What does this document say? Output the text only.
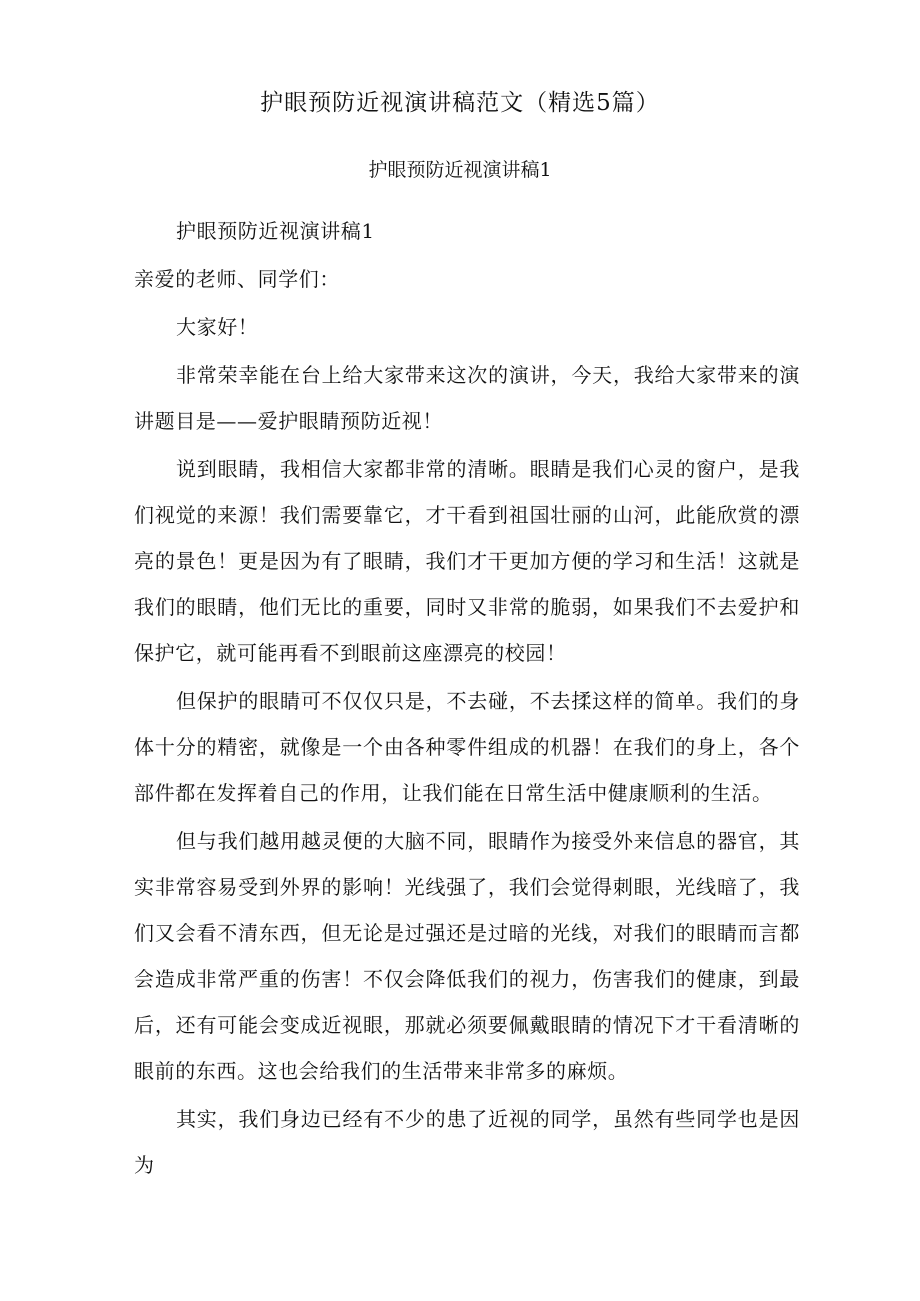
护眼预防近视演讲稿范文（精选5篇）
护眼预防近视演讲稿1

护眼预防近视演讲稿1

亲爱的老师、同学们：

大家好！

非常荣幸能在台上给大家带来这次的演讲，今天，我给大家带来的演讲题目是——爱护眼睛预防近视！

说到眼睛，我相信大家都非常的清晰。眼睛是我们心灵的窗户，是我们视觉的来源！我们需要靠它，才干看到祖国壮丽的山河，此能欣赏的漂亮的景色！更是因为有了眼睛，我们才干更加方便的学习和生活！这就是我们的眼睛，他们无比的重要，同时又非常的脆弱，如果我们不去爱护和保护它，就可能再看不到眼前这座漂亮的校园！

但保护的眼睛可不仅仅只是，不去碰，不去揉这样的简单。我们的身体十分的精密，就像是一个由各种零件组成的机器！在我们的身上，各个部件都在发挥着自己的作用，让我们能在日常生活中健康顺利的生活。

但与我们越用越灵便的大脑不同，眼睛作为接受外来信息的器官，其实非常容易受到外界的影响！光线强了，我们会觉得刺眼，光线暗了，我们又会看不清东西，但无论是过强还是过暗的光线，对我们的眼睛而言都会造成非常严重的伤害！不仅会降低我们的视力，伤害我们的健康，到最后，还有可能会变成近视眼，那就必须要佩戴眼睛的情况下才干看清晰的眼前的东西。这也会给我们的生活带来非常多的麻烦。

其实，我们身边已经有不少的患了近视的同学，虽然有些同学也是因为
